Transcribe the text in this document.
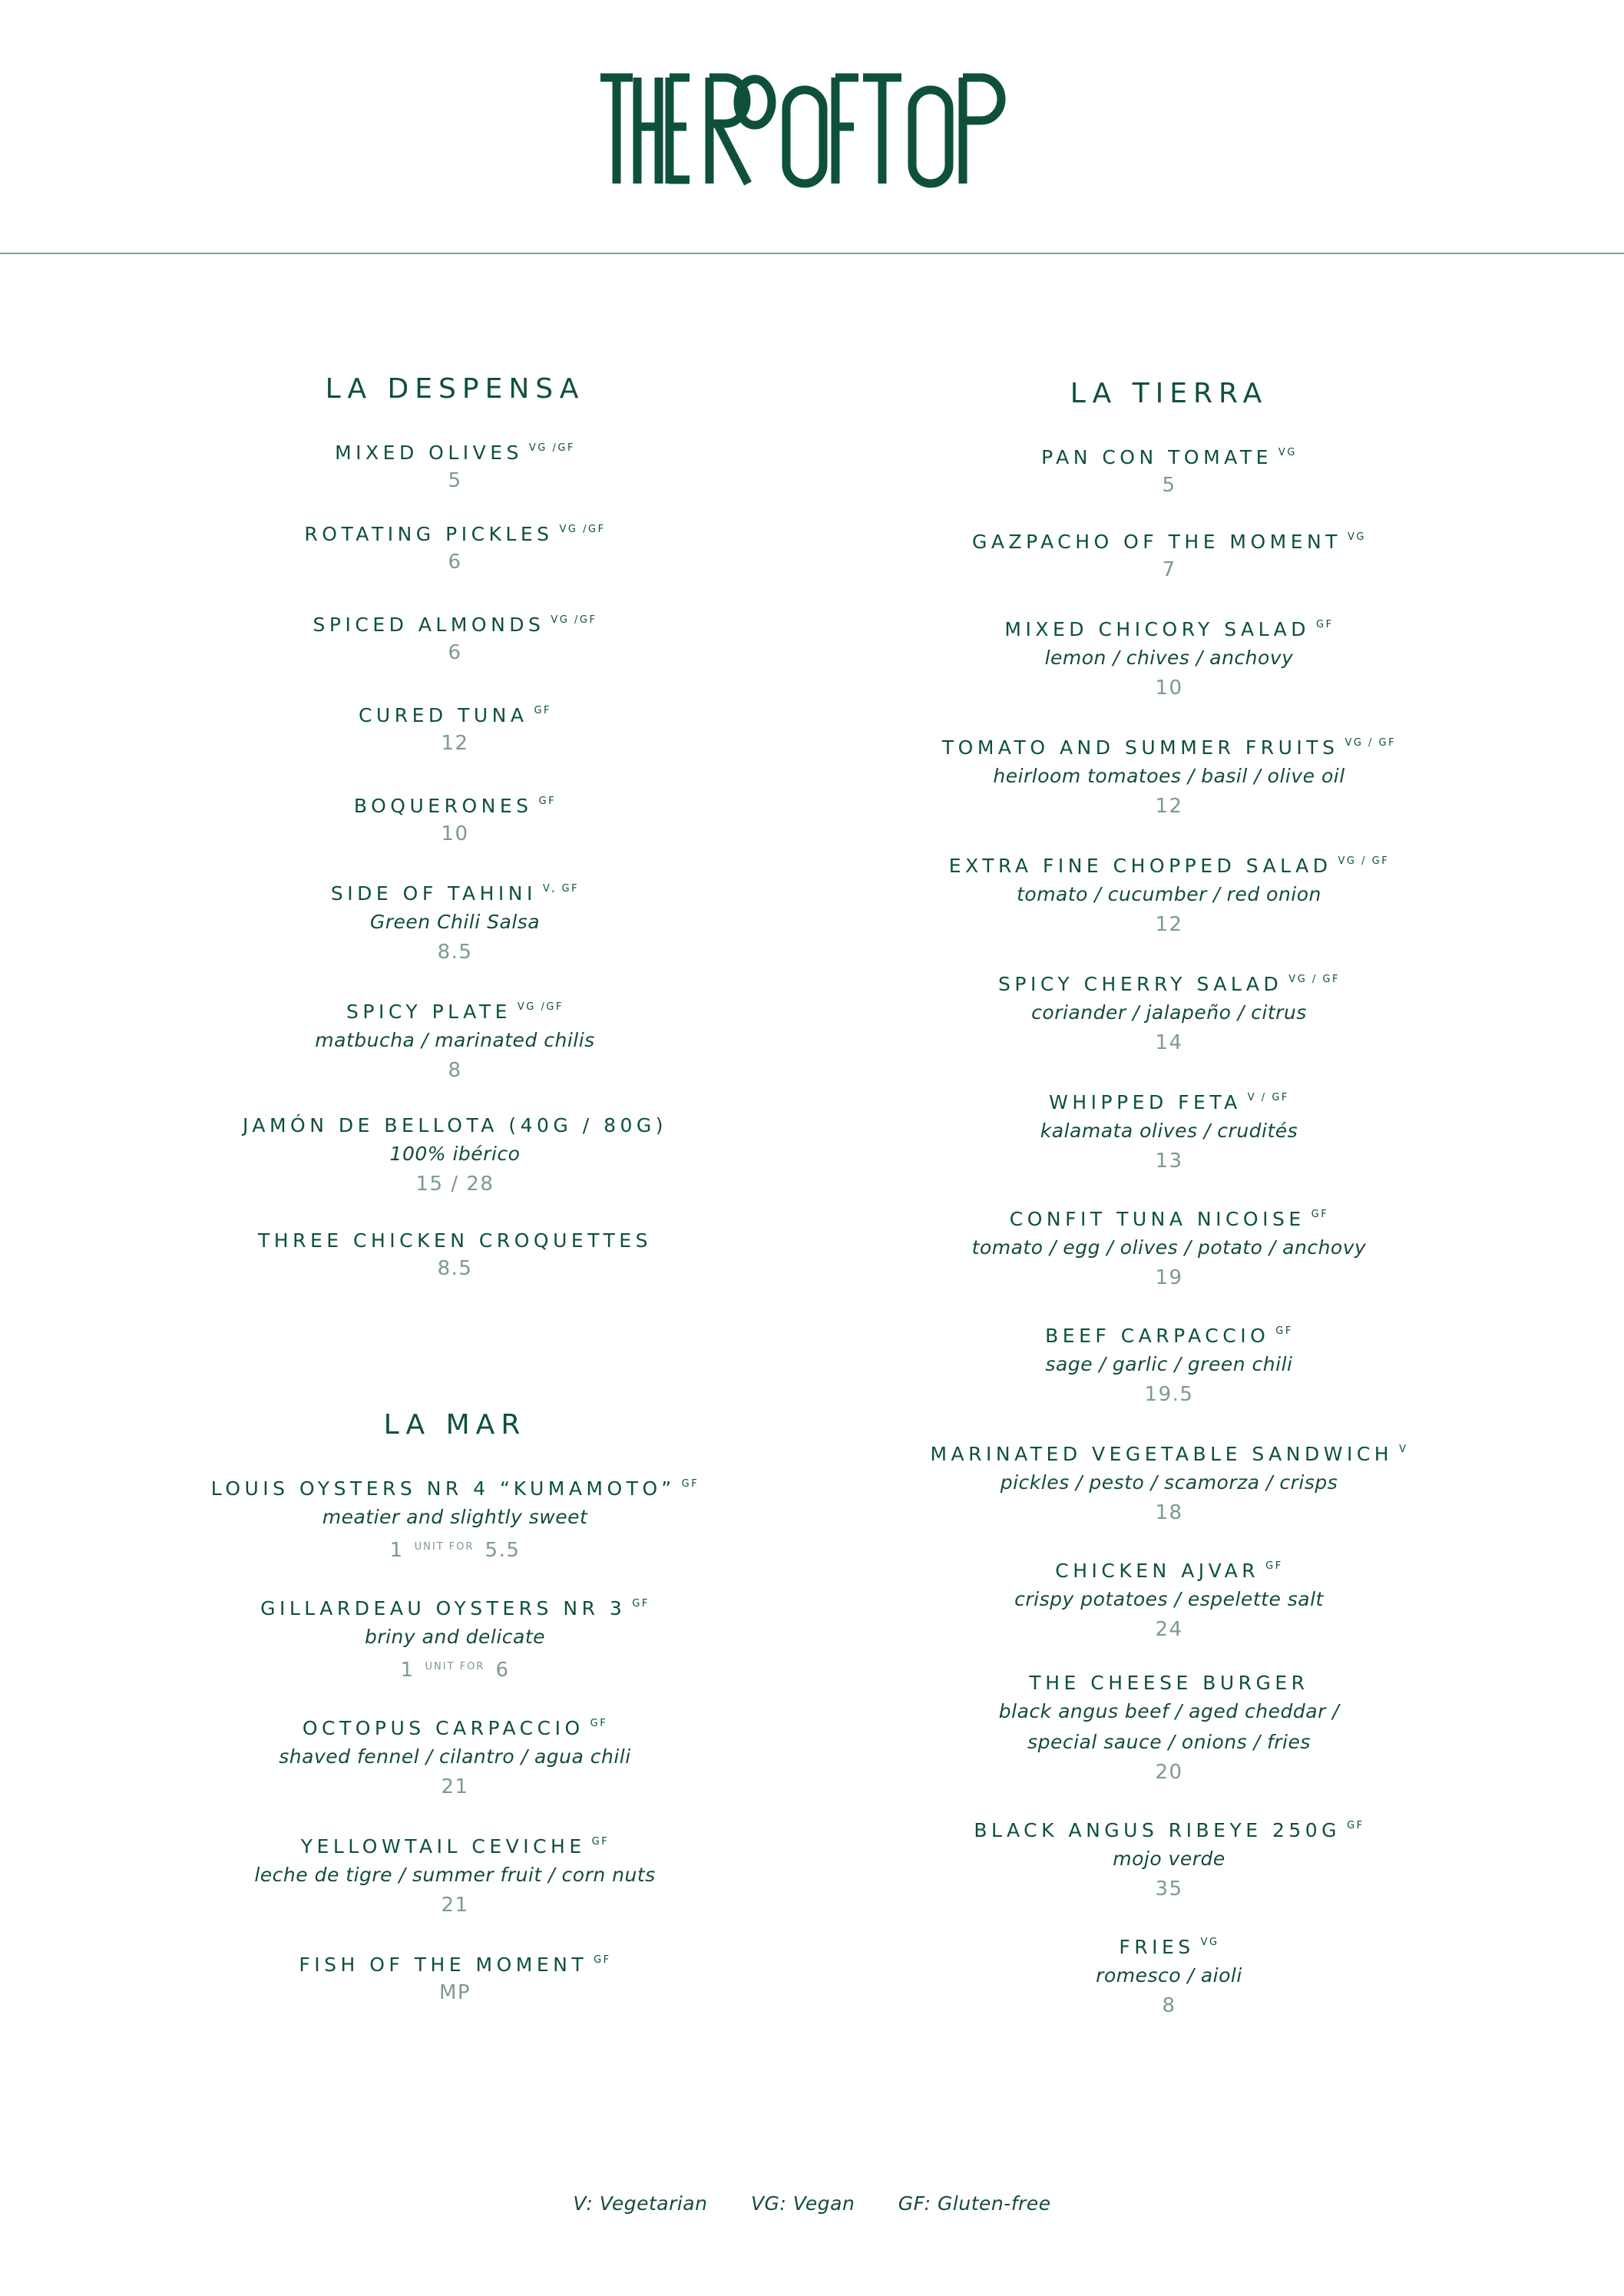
LA DESPENSA
MIXED OLIVES $^{VG /GF}$
5
ROTATING PICKLES $^{VG /GF}$
6
SPICED ALMONDS $^{VG /GF}$
6
CURED TUNA $^{GF}$
12
BOQUERONES $^{GF}$
10
SIDE OF TAHINI $^{V, GF}$
Green Chili Salsa
8.5
SPICY PLATE $^{VG /GF}$
matbucha / marinated chilis
8
JAMÓN DE BELLOTA (40G / 80G)
100% ibérico
15 / 28
THREE CHICKEN CROQUETTES
8.5
LA MAR
LOUIS OYSTERS NR 4 “KUMAMOTO” $^{GF}$
meatier and slightly sweet
1 $^{UNIT FOR}$ 5.5
GILLARDEAU OYSTERS NR 3 $^{GF}$
briny and delicate
1 $^{UNIT FOR}$ 6
OCTOPUS CARPACCIO $^{GF}$
shaved fennel / cilantro / agua chili
21
YELLOWTAIL CEVICHE $^{GF}$
leche de tigre / summer fruit / corn nuts
21
FISH OF THE MOMENT $^{GF}$
MP
LA TIERRA
PAN CON TOMATE $^{VG}$
5
GAZPACHO OF THE MOMENT $^{VG}$
7
MIXED CHICORY SALAD $^{GF}$
lemon / chives / anchovy
10
TOMATO AND SUMMER FRUITS $^{VG / GF}$
heirloom tomatoes / basil / olive oil
12
EXTRA FINE CHOPPED SALAD $^{VG / GF}$
tomato / cucumber / red onion
12
SPICY CHERRY SALAD $^{VG / GF}$
coriander / jalapeño / citrus
14
WHIPPED FETA $^{V / GF}$
kalamata olives / crudités
13
CONFIT TUNA NICOISE $^{GF}$
tomato / egg / olives / potato / anchovy
19
BEEF CARPACCIO $^{GF}$
sage / garlic / green chili
19.5
MARINATED VEGETABLE SANDWICH $^V$
pickles / pesto / scamorza / crisps
18
CHICKEN AJVAR $^{GF}$
crispy potatoes / espelette salt
24
THE CHEESE BURGER
black angus beef / aged cheddar /
special sauce / onions / fries
20
BLACK ANGUS RIBEYE 250G $^{GF}$
mojo verde
35
FRIES $^{VG}$
romesco / aioli
8
V: Vegetarian VG: Vegan GF: Gluten-free
